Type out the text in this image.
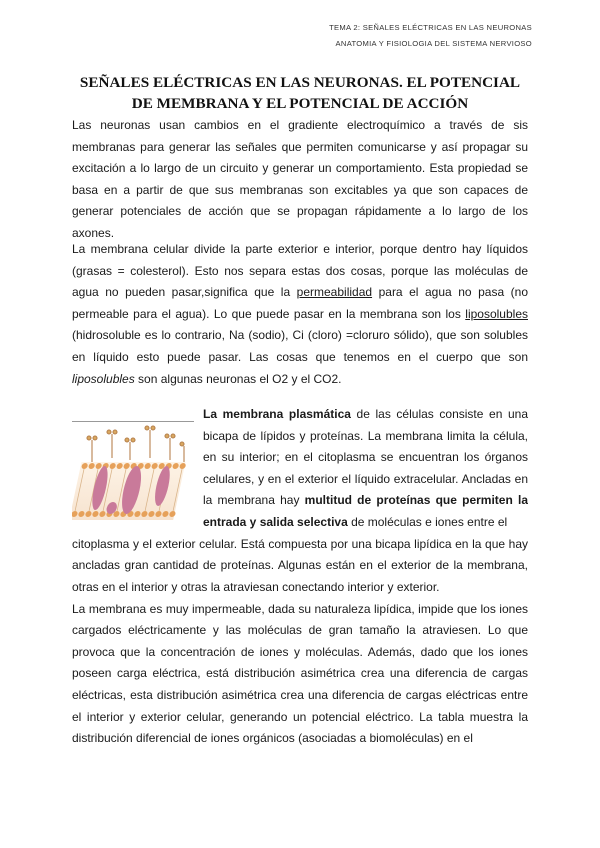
TEMA 2: SEÑALES ELÉCTRICAS EN LAS NEURONAS
ANATOMIA Y FISIOLOGIA DEL SISTEMA NERVIOSO
SEÑALES ELÉCTRICAS EN LAS NEURONAS. EL POTENCIAL DE MEMBRANA Y EL POTENCIAL DE ACCIÓN

Las neuronas usan cambios en el gradiente electroquímico a través de sis membranas para generar las señales que permiten comunicarse y así propagar su excitación a lo largo de un circuito y generar un comportamiento. Esta propiedad se basa en a partir de que sus membranas son excitables ya que son capaces de generar potenciales de acción que se propagan rápidamente a lo largo de los axones.

La membrana celular divide la parte exterior e interior, porque dentro hay líquidos (grasas = colesterol). Esto nos separa estas dos cosas, porque las moléculas de agua no pueden pasar,significa que la permeabilidad para el agua no pasa (no permeable para el agua). Lo que puede pasar en la membrana son los liposolubles (hidrosoluble es lo contrario, Na (sodio), Ci (cloro) =cloruro sólido), que son solubles en líquido esto puede pasar. Las cosas que tenemos en el cuerpo que son liposolubles son algunas neuronas el O2 y el CO2.

La membrana plasmática de las células consiste en una bicapa de lípidos y proteínas. La membrana limita la célula, en su interior; en el citoplasma se encuentran los órganos celulares, y en el exterior el líquido extracelular. Ancladas en la membrana hay multitud de proteínas que permiten la entrada y salida selectiva de moléculas e iones entre el

La membrana es muy impermeable, dada su naturaleza lipídica, impide que los iones cargados eléctricamente y las moléculas de gran tamaño la atraviesen. Lo que provoca que la concentración de iones y moléculas. Además, dado que los iones poseen carga eléctrica, está distribución asimétrica crea una diferencia de cargas eléctricas, esta distribución asimétrica crea una diferencia de cargas eléctricas entre el interior y exterior celular, generando un potencial eléctrico. La tabla muestra la distribución diferencial de iones orgánicos (asociadas a biomoléculas) en el

citoplasma y el exterior celular. Está compuesta por una bicapa lipídica en la que hay ancladas gran cantidad de proteínas. Algunas están en el exterior de la membrana, otras en el interior y otras la atraviesan conectando interior y exterior.
